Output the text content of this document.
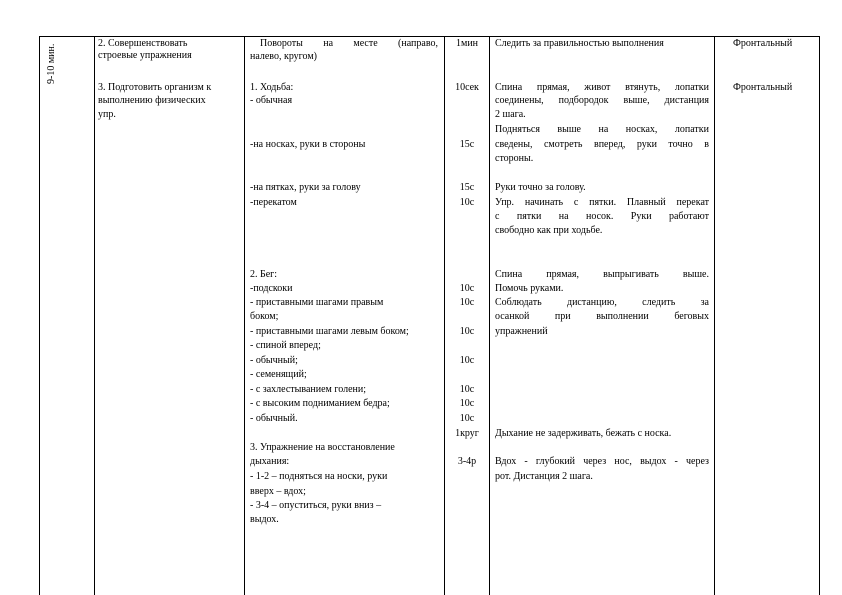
9-10 мин.
2. Совершенствовать
строевые упражнения
3. Подготовить организм к
выполнению физических
упр.
Повороты на месте (направо,
налево, кругом)
1. Ходьба:
- обычная
-на носках, руки в стороны
-на пятках, руки за голову
-перекатом
2. Бег:
-подскоки
- приставными шагами правым
боком;
- приставными шагами левым боком;
- спиной вперед;
- обычный;
- семенящий;
- с захлестыванием голени;
- с высоким подниманием бедра;
- обычный.
3. Упражнение на восстановление
дыхания:
- 1-2 – подняться на носки, руки
вверх – вдох;
- 3-4 – опуститься, руки вниз –
выдох.
1мин
10сек
15с
15с
10с
10с
10с
10с
10с
10с
10с
10с
1круг
3-4р
Следить за правильностью выполнения
Спина прямая, живот втянуть, лопатки
соединены, подбородок выше, дистанция
2 шага.
Подняться выше на носках, лопатки
сведены, смотреть вперед, руки точно в
стороны.
Руки точно за голову.
Упр. начинать с пятки. Плавный перекат
с пятки на носок. Руки работают
свободно как при ходьбе.
Спина прямая, выпрыгивать выше.
Помочь руками.
Соблюдать дистанцию, следить за
осанкой при выполнении беговых
упражнений
Дыхание не задерживать, бежать с носка.
Вдох - глубокий через нос, выдох - через
рот. Дистанция 2 шага.
Фронтальный
Фронтальный
